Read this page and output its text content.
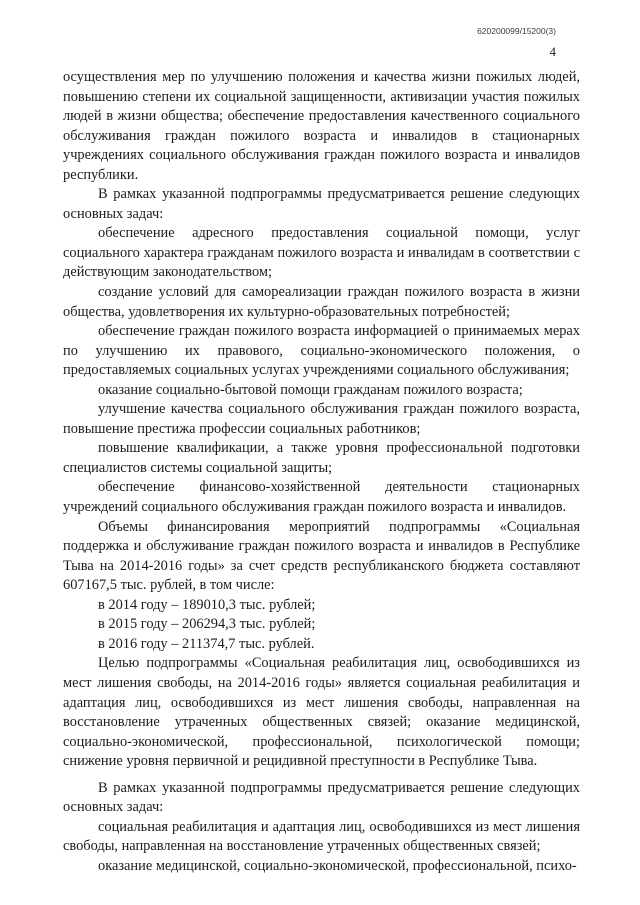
620200099/15200(3)
4

осуществления мер по улучшению положения и качества жизни пожилых людей, повышению степени их социальной защищенности, активизации участия пожилых людей в жизни общества; обеспечение предоставления качественного социального обслуживания граждан пожилого возраста и инвалидов в стационарных учреждениях социального обслуживания граждан пожилого возраста и инвалидов республики.

В рамках указанной подпрограммы предусматривается решение следующих основных задач:

обеспечение адресного предоставления социальной помощи, услуг социального характера гражданам пожилого возраста и инвалидам в соответствии с действующим законодательством;

создание условий для самореализации граждан пожилого возраста в жизни общества, удовлетворения их культурно-образовательных потребностей;

обеспечение граждан пожилого возраста информацией о принимаемых мерах по улучшению их правового, социально-экономического положения, о предоставляемых социальных услугах учреждениями социального обслуживания;

оказание социально-бытовой помощи гражданам пожилого возраста;

улучшение качества социального обслуживания граждан пожилого возраста, повышение престижа профессии социальных работников;

повышение квалификации, а также уровня профессиональной подготовки специалистов системы социальной защиты;

обеспечение финансово-хозяйственной деятельности стационарных учреждений социального обслуживания граждан пожилого возраста и инвалидов.

Объемы финансирования мероприятий подпрограммы «Социальная поддержка и обслуживание граждан пожилого возраста и инвалидов в Республике Тыва на 2014-2016 годы» за счет средств республиканского бюджета составляют 607167,5 тыс. рублей, в том числе:

в 2014 году – 189010,3 тыс. рублей;

в 2015 году – 206294,3 тыс. рублей;

в 2016 году – 211374,7 тыс. рублей.

Целью подпрограммы «Социальная реабилитация лиц, освободившихся из мест лишения свободы, на 2014-2016 годы» является социальная реабилитация и адаптация лиц, освободившихся из мест лишения свободы, направленная на восстановление утраченных общественных связей; оказание медицинской, социально-экономической, профессиональной, психологической помощи; снижение уровня первичной и рецидивной преступности в Республике Тыва.

В рамках указанной подпрограммы предусматривается решение следующих основных задач:

социальная реабилитация и адаптация лиц, освободившихся из мест лишения свободы, направленная на восстановление утраченных общественных связей;

оказание медицинской, социально-экономической, профессиональной, психо-
